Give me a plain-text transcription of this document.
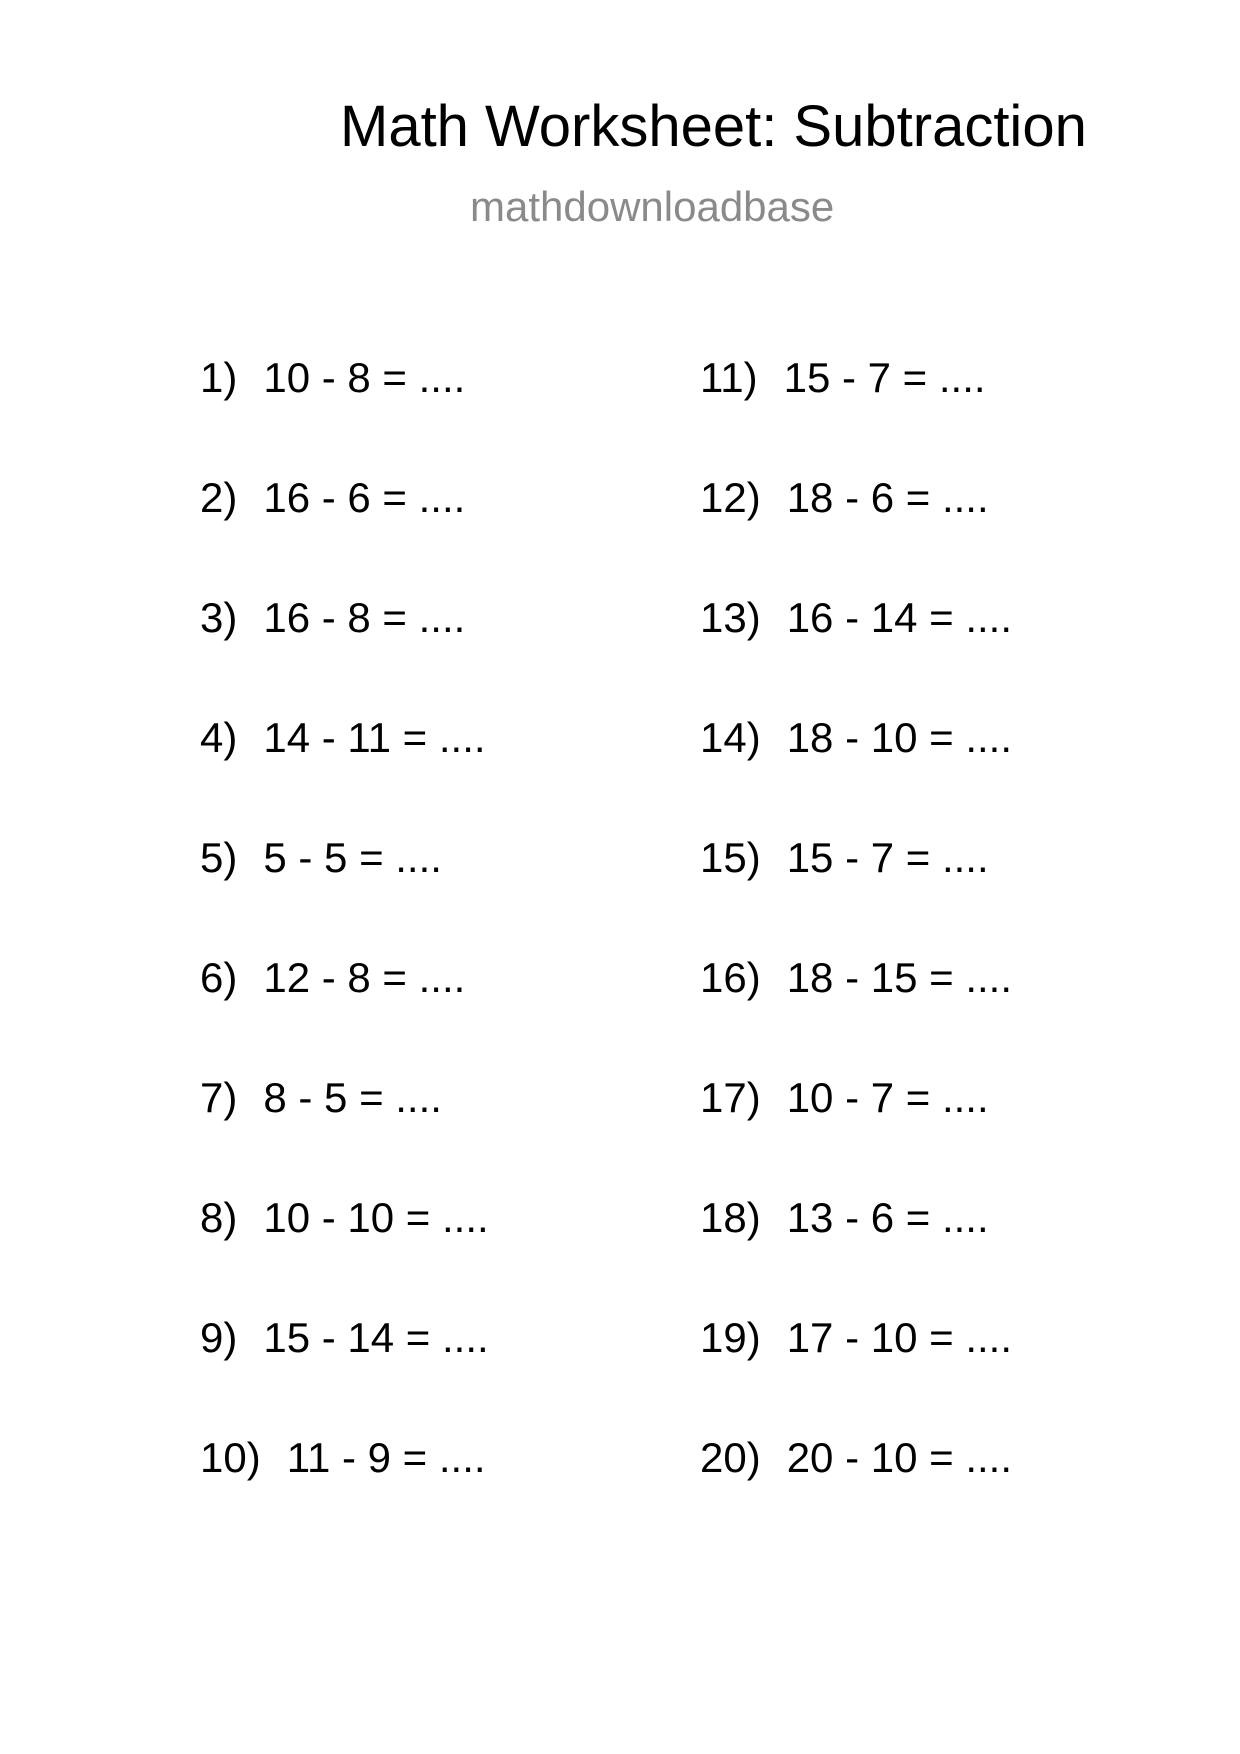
Math Worksheet: Subtraction
mathdownloadbase
1) 10 - 8 = ....
2) 16 - 6 = ....
3) 16 - 8 = ....
4) 14 - 11 = ....
5) 5 - 5 = ....
6) 12 - 8 = ....
7) 8 - 5 = ....
8) 10 - 10 = ....
9) 15 - 14 = ....
10) 11 - 9 = ....
11) 15 - 7 = ....
12) 18 - 6 = ....
13) 16 - 14 = ....
14) 18 - 10 = ....
15) 15 - 7 = ....
16) 18 - 15 = ....
17) 10 - 7 = ....
18) 13 - 6 = ....
19) 17 - 10 = ....
20) 20 - 10 = ....
